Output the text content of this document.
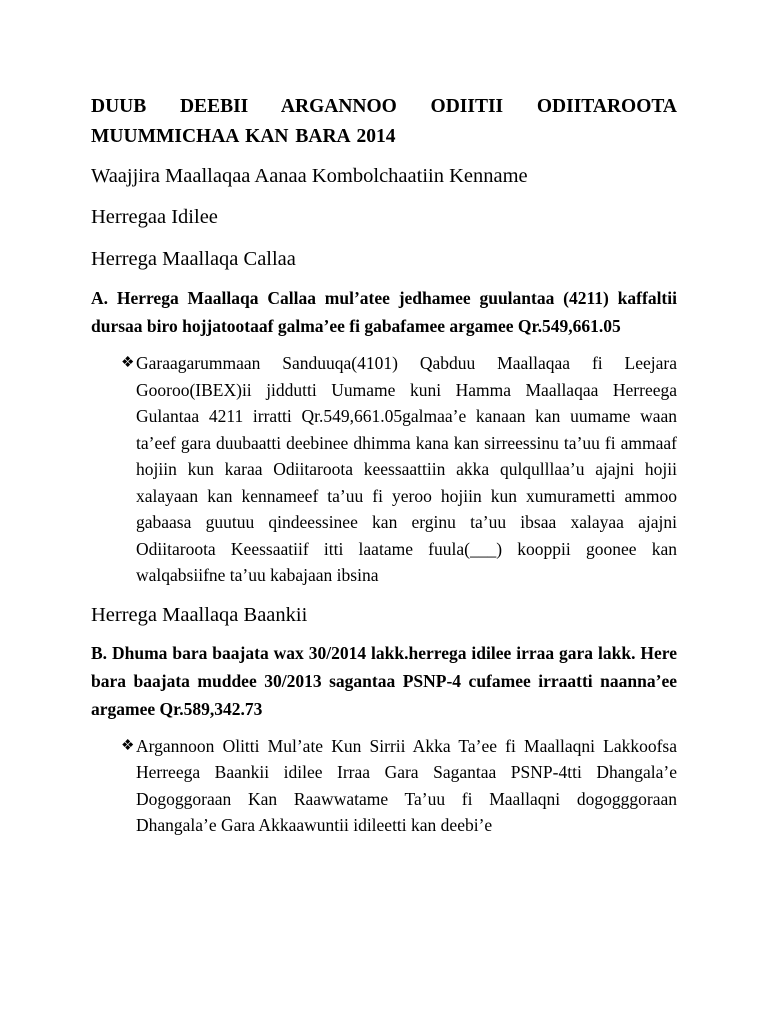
DUUB DEEBII ARGANNOO ODIITII ODIITAROOTA MUUMMICHAA KAN BARA 2014

Waajjira Maallaqaa Aanaa Kombolchaatiin Kenname

Herregaa Idilee

Herrega Maallaqa Callaa

A. Herrega Maallaqa Callaa mul’atee jedhamee guulantaa (4211) kaffaltii dursaa biro hojjatootaaf galma’ee fi gabafamee argamee Qr.549,661.05

❖ Garaagarummaan Sanduuqa(4101) Qabduu Maallaqaa fi Leejara Gooroo(IBEX)ii jiddutti Uumame kuni Hamma Maallaqaa Herreega Gulantaa 4211 irratti Qr.549,661.05galmaa’e kanaan kan uumame waan ta’eef gara duubaatti deebinee dhimma kana kan sirreessinu ta’uu fi ammaaf hojiin kun karaa Odiitaroota keessaattiin akka qulqulllaa’u ajajni hojii xalayaan kan kennameef ta’uu fi yeroo hojiin kun xumurametti ammoo gabaasa guutuu qindeessinee kan erginu ta’uu ibsaa xalayaa ajajni Odiitaroota Keessaatiif itti laatame fuula(___) kooppii goonee kan walqabsiifne ta’uu kabajaan ibsina

Herrega Maallaqa Baankii

B. Dhuma bara baajata wax 30/2014 lakk.herrega idilee irraa gara lakk. Here bara baajata muddee 30/2013 sagantaa PSNP-4 cufamee irraatti naanna’ee argamee Qr.589,342.73

❖ Argannoon Olitti Mul’ate Kun Sirrii Akka Ta’ee fi Maallaqni Lakkoofsa Herreega Baankii idilee Irraa Gara Sagantaa PSNP-4tti Dhangala’e Dogoggoraan Kan Raawwatame Ta’uu fi Maallaqni dogogggoraan Dhangala’e Gara Akkaawuntii idileetti kan deebi’e
